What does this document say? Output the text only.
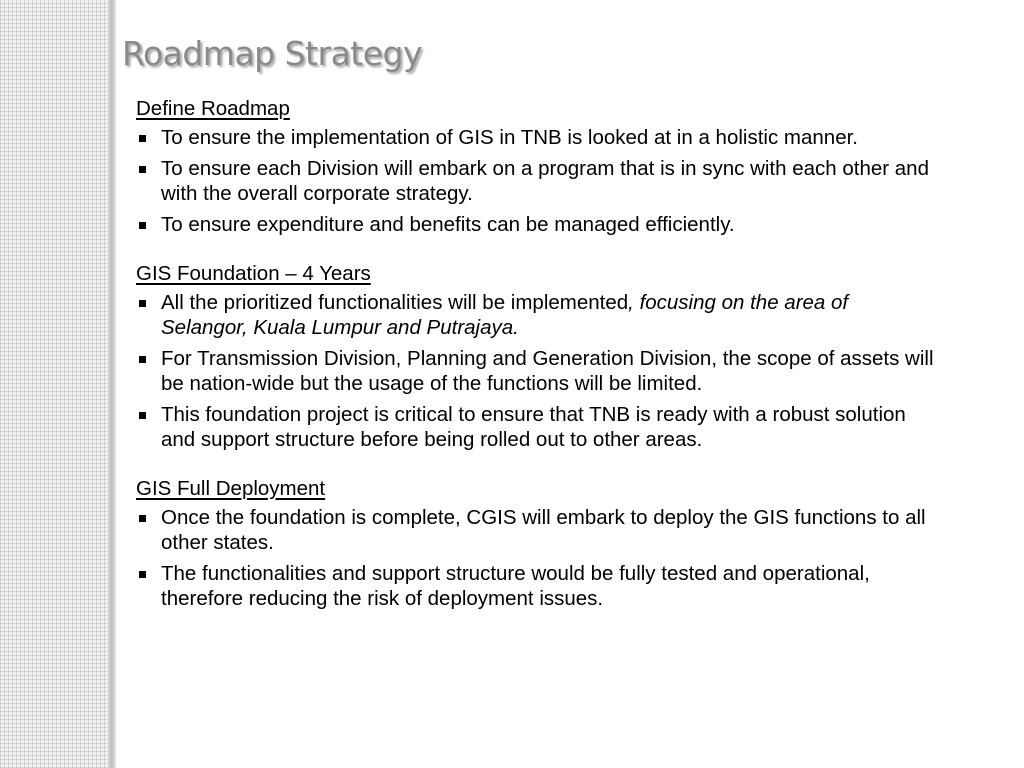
Roadmap Strategy
Define Roadmap
To ensure the implementation of GIS in TNB is looked at in a holistic manner.
To ensure each Division will embark on a program that is in sync with each other and with the overall corporate strategy.
To ensure expenditure and benefits can be managed efficiently.
GIS Foundation – 4 Years
All the prioritized functionalities will be implemented, focusing on the area of Selangor, Kuala Lumpur and Putrajaya.
For Transmission Division, Planning and Generation Division, the scope of assets will be nation-wide but the usage of the functions will be limited.
This foundation project is critical to ensure that TNB is ready with a robust solution and support structure before being rolled out to other areas.
GIS Full Deployment
Once the foundation is complete, CGIS will embark to deploy the GIS functions to all other states.
The functionalities and support structure would be fully tested and operational, therefore reducing the risk of deployment issues.
